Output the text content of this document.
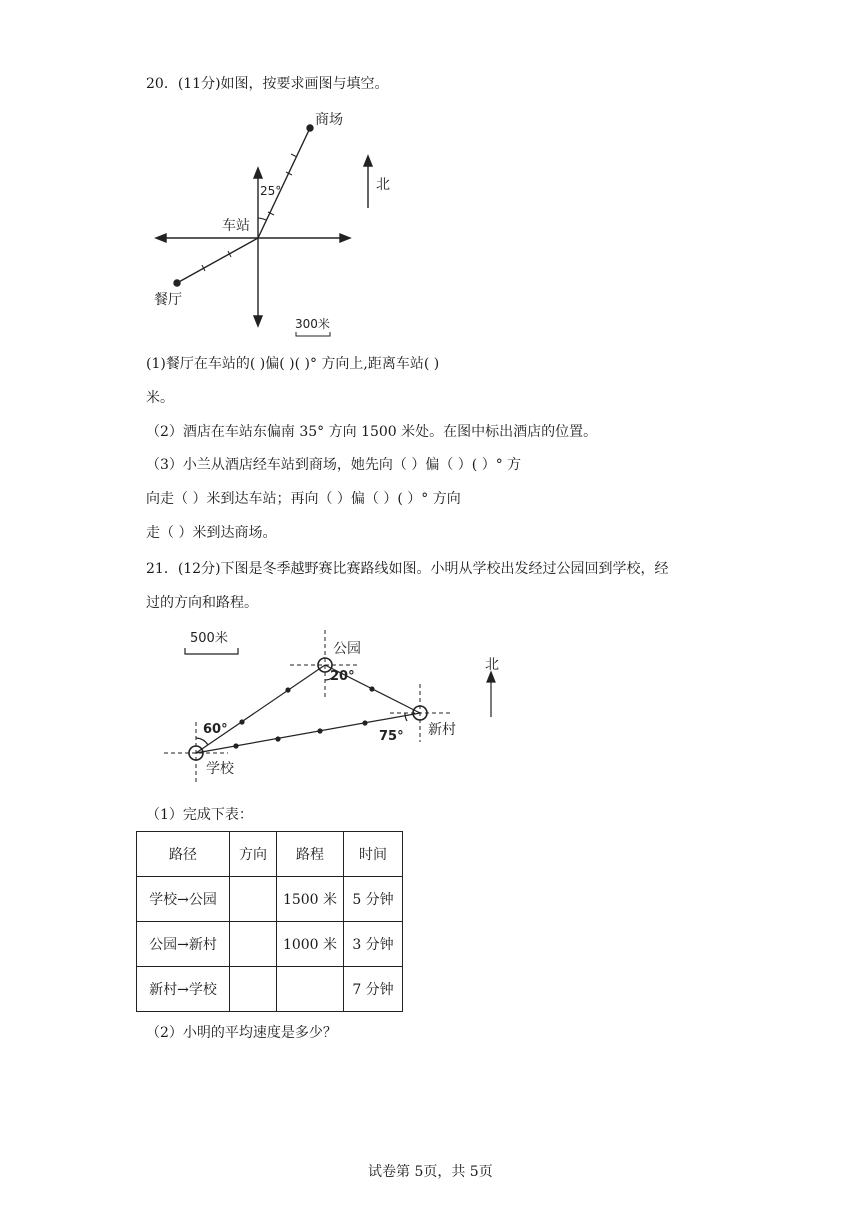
20．(11分)如图，按要求画图与填空。
商场
车站
餐厅
25°	北
300米
(1)餐厅在车站的( )偏( )( )° 方向上,距离车站( )
米。
（2）酒店在车站东偏南 35° 方向 1500 米处。在图中标出酒店的位置。
（3）小兰从酒店经车站到商场，她先向（ ）偏（ ）( ）° 方
向走（ ）米到达车站；再向（ ）偏（ ）( ）° 方向
走（ ）米到达商场。
21．(12分)下图是冬季越野赛比赛路线如图。小明从学校出发经过公园回到学校，经
过的方向和路程。
500米
公园
新村
学校
北
20°
60°	75°
（1）完成下表：
路径	方向	路程	时间
学校→公园		1500 米	5 分钟
公园→新村		1000 米	3 分钟
新村→学校			7 分钟
（2）小明的平均速度是多少？
试卷第 5页，共 5页
